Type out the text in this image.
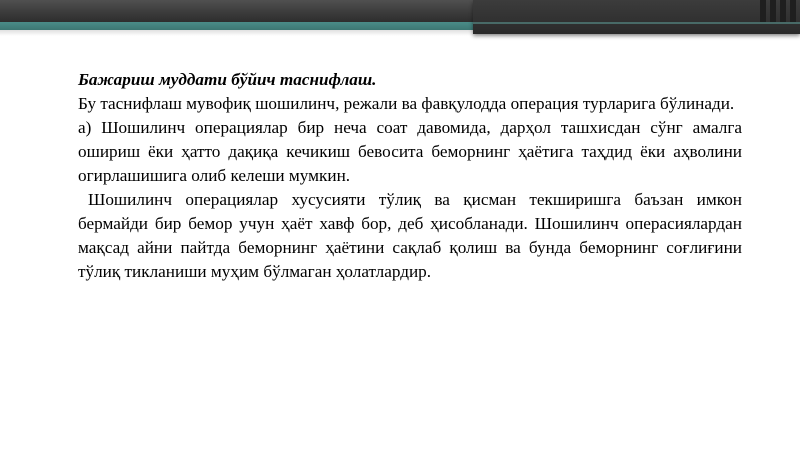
Бажариш муддати бўйич таснифлаш.

Бу таснифлаш мувофиқ шошилинч, режали ва фавқулодда операция турларига бўлинади.

а) Шошилинч операциялар бир неча соат давомида, дарҳол ташхисдан сўнг амалга ошириш ёки ҳатто дақиқа кечикиш бевосита беморнинг ҳаётига таҳдид ёки аҳволини огирлашишига олиб келеши мумкин.

Шошилинч операциялар хусусияти тўлиқ ва қисман текширишга баъзан имкон бермайди бир бемор учун ҳаёт хавф бор, деб ҳисобланади. Шошилинч операсиялардан мақсад айни пайтда беморнинг ҳаётини сақлаб қолиш ва бунда беморнинг соғлиғини тўлиқ тикланиши муҳим бўлмаган ҳолатлардир.
